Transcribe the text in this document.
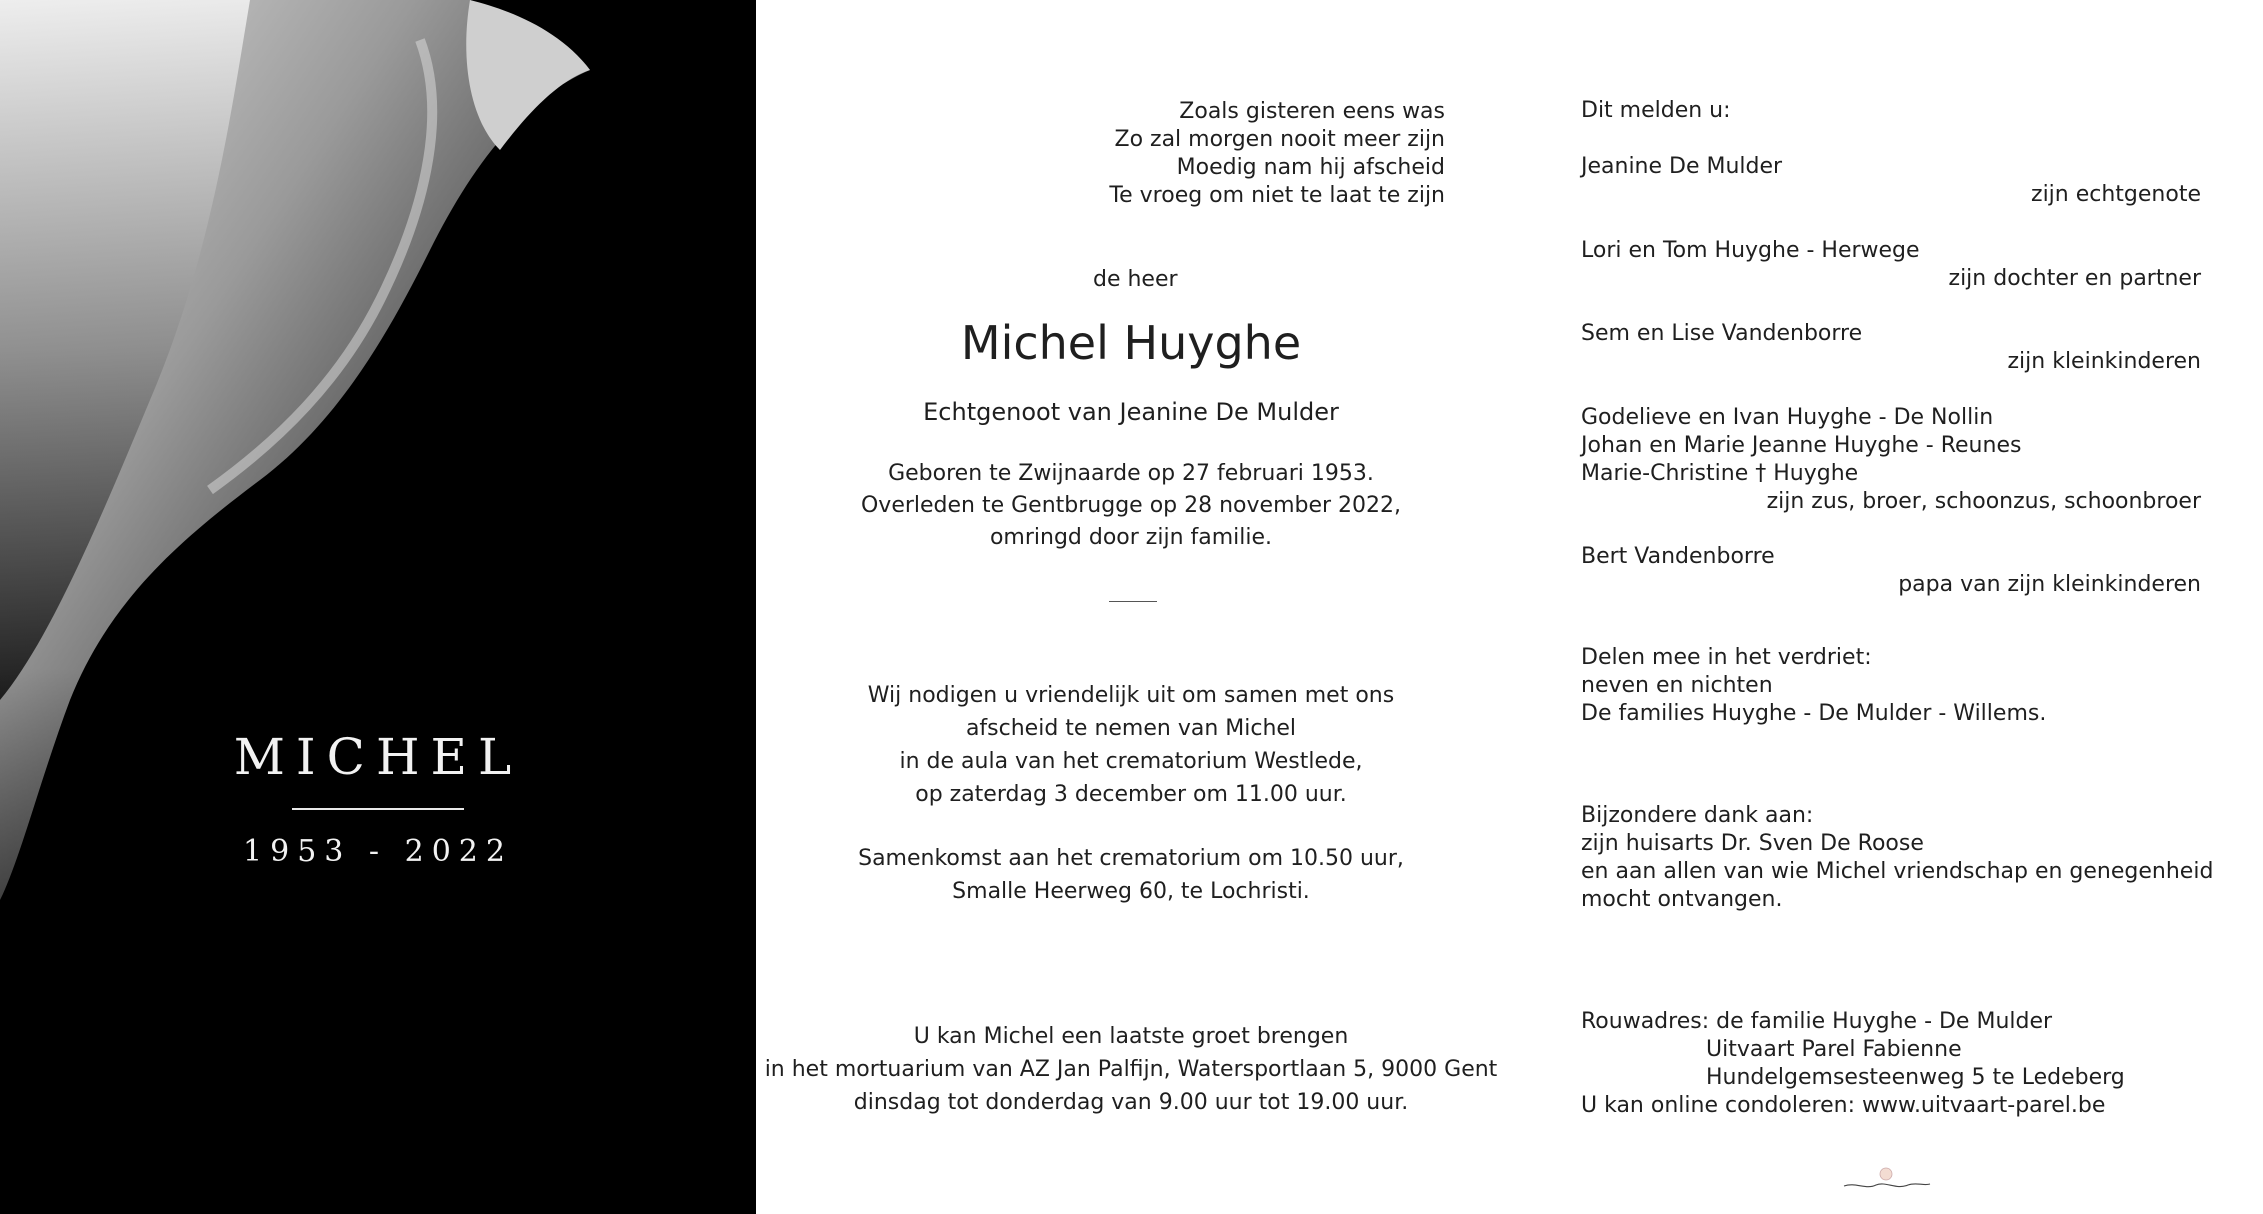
MICHEL
1953 - 2022
Zoals gisteren eens was
Zo zal morgen nooit meer zijn
Moedig nam hij afscheid
Te vroeg om niet te laat te zijn
de heer
Michel Huyghe
Echtgenoot van Jeanine De Mulder
Geboren te Zwijnaarde op 27 februari 1953.
Overleden te Gentbrugge op 28 november 2022,
omringd door zijn familie.
Wij nodigen u vriendelijk uit om samen met ons
afscheid te nemen van Michel
in de aula van het crematorium Westlede,
op zaterdag 3 december om 11.00 uur.
Samenkomst aan het crematorium om 10.50 uur,
Smalle Heerweg 60, te Lochristi.
U kan Michel een laatste groet brengen
in het mortuarium van AZ Jan Palfijn, Watersportlaan 5, 9000 Gent
dinsdag tot donderdag van 9.00 uur tot 19.00 uur.
Dit melden u:
Jeanine De Mulder
zijn echtgenote
Lori en Tom Huyghe - Herwege
zijn dochter en partner
Sem en Lise Vandenborre
zijn kleinkinderen
Godelieve en Ivan Huyghe - De Nollin
Johan en Marie Jeanne Huyghe - Reunes
Marie-Christine † Huyghe
zijn zus, broer, schoonzus, schoonbroer
Bert Vandenborre
papa van zijn kleinkinderen
Delen mee in het verdriet:
neven en nichten
De families Huyghe - De Mulder - Willems.
Bijzondere dank aan:
zijn huisarts Dr. Sven De Roose
en aan allen van wie Michel vriendschap en genegenheid
mocht ontvangen.
Rouwadres: de familie Huyghe - De Mulder
Uitvaart Parel Fabienne
Hundelgemsesteenweg 5 te Ledeberg
U kan online condoleren: www.uitvaart-parel.be
